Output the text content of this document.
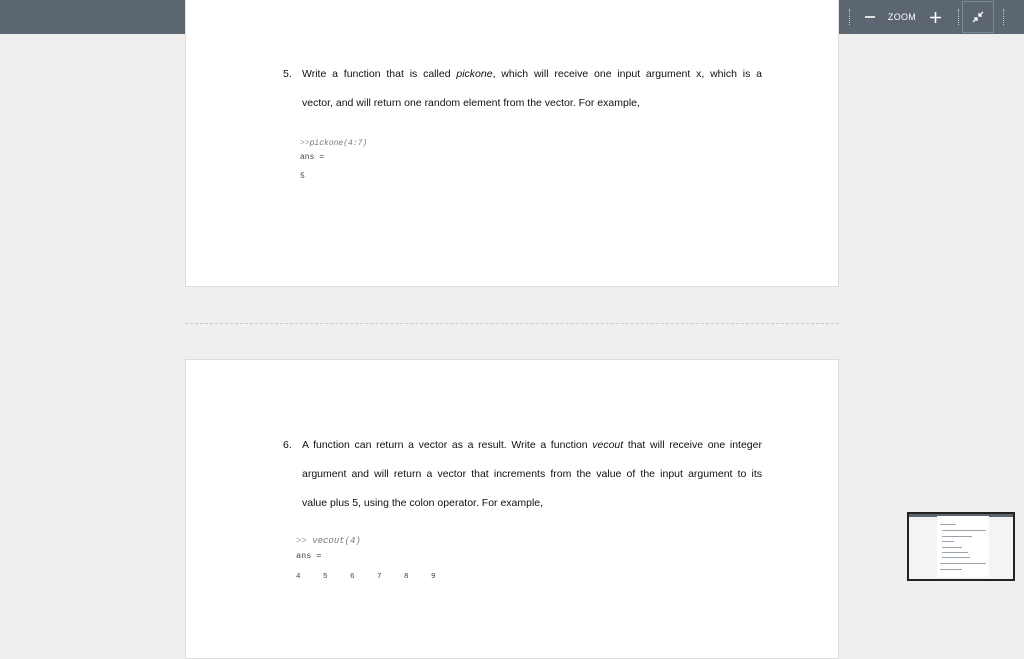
2
ZOOM
5. Write a function that is called pickone, which will receive one input argument x, which is a
vector, and will return one random element from the vector. For example,
>>pickone(4:7)
ans =
5
6. A function can return a vector as a result. Write a function vecout that will receive one integer
argument and will return a vector that increments from the value of the input argument to its
value plus 5, using the colon operator. For example,
>> vecout(4)
ans =
4     5     6     7     8     9
